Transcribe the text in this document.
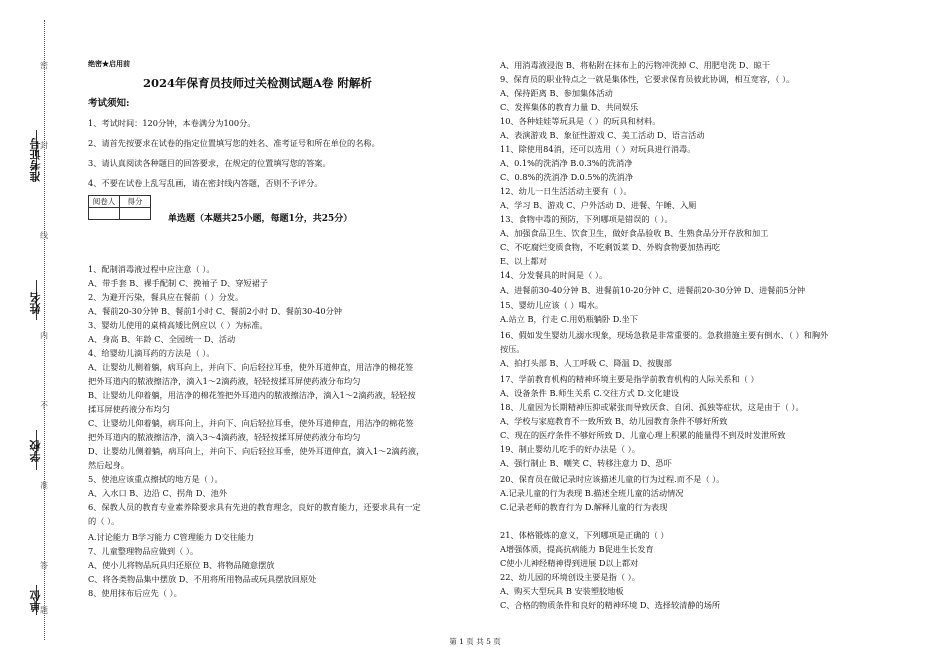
准考证号
姓名
学校
单位
密
封
线
内
不
准
答
题
绝密★启用前
2024年保育员技师过关检测试题A卷 附解析
考试须知:
1、考试时间：120分钟，本卷满分为100分。
2、请首先按要求在试卷的指定位置填写您的姓名、准考证号和所在单位的名称。
3、请认真阅读各种题目的回答要求，在规定的位置填写您的答案。
4、不要在试卷上乱写乱画，请在密封线内答题，否则不予评分。
阅卷人	得分

单选题（本题共25小题，每题1分，共25分）
1、配制消毒液过程中应注意（ ）。
A、带手套 B、裸手配制 C、挽袖子 D、穿短裙子
2、为避开污染，餐具应在餐前（ ）分发。
A、餐前20-30分钟 B、餐前1小时 C、餐前2小时 D、餐前30-40分钟
3、婴幼儿使用的桌椅高矮比例应以（ ）为标准。
A、身高 B、年龄 C、全园统一 D、活动
4、给婴幼儿滴耳药的方法是（ ）。
A、让婴幼儿侧着躺，病耳向上，并向下、向后轻拉耳垂，使外耳道伸直，用洁净的棉花签
把外耳道内的脓液擦洁净，滴入1～2滴药液，轻轻按揉耳屏使药液分布均匀
B、让婴幼儿仰着躺，用洁净的棉花签把外耳道内的脓液擦洁净，滴入1～2滴药液，轻轻按
揉耳屏使药液分布均匀
C、让婴幼儿仰着躺，病耳向上，并向下、向后轻拉耳垂，使外耳道伸直，用洁净的棉花签
把外耳道内的脓液擦洁净，滴入3～4滴药液，轻轻按揉耳屏使药液分布均匀
D、让婴幼儿侧着躺，病耳向上，并向下、向后轻拉耳垂，使外耳道伸直，滴入1～2滴药液，
然后起身。
5、使池应该重点擦拭的地方是（ ）。
A、入水口 B、边沿 C、拐角 D、池外
6、保教人员的教育专业素养除要求具有先进的教育理念，良好的教育能力，还要求具有一定
的（ ）。
A.讨论能力 B学习能力 C管理能力 D交往能力
7、儿童整理物品应做到（ ）。
A、使小儿将物品玩具归还原位 B、将物品随意摆放
C、将各类物品集中摆放 D、不用将所用物品或玩具摆放回原处
8、使用抹布后应先（ ）。
A、用消毒液浸泡 B、将粘附在抹布上的污物冲洗掉 C、用肥皂洗 D、晾干
9、保育员的职业特点之一就是集体性，它要求保育员彼此协调，相互宽容，（ ）。
A、保持距离 B、参加集体活动
C、发挥集体的教育力量 D、共同娱乐
10、各种娃娃等玩具是（ ）的玩具和材料。
A、表演游戏 B、象征性游戏 C、美工活动 D、语言活动
11、除使用84消，还可以选用（ ）对玩具进行消毒。
A、0.1%的洗消净 B.0.3%的洗消净
C、0.8%的洗消净 D.0.5%的洗消净
12、幼儿一日生活活动主要有（ ）。
A、学习 B、游戏 C、户外活动 D、进餐、午睡、入厕
13、食物中毒的预防，下列哪项是错误的（ ）。
A、加强食品卫生、饮食卫生，做好食品验收 B、生熟食品分开存放和加工
C、不吃腐烂变质食物，不吃剩饭菜 D、外购食物要加热再吃
E、以上都对
14、分发餐具的时间是（ ）。
A、进餐前30-40分钟 B、进餐前10-20分钟 C、进餐前20-30分钟 D、进餐前5分钟
15、婴幼儿应该（ ）喝水。
A.站立 B，行走 C.用奶瓶躺卧 D.坐下
16、假如发生婴幼儿溺水现象，现场急救是非常重要的。急救措施主要有倒水、（ ）和胸外
按压。
A、拍打头部 B、人工呼吸 C、降温 D、按腹部
17、学前教育机构的精神环境主要是指学前教育机构的人际关系和（ ）
A、设备条件 B.师生关系 C.交往方式 D.文化建设
18、儿童因为长期精神压抑或紧张而导致厌食、自闭、孤独等症状，这是由于（ ）。
A、学校与家庭教育不一致所致 B、幼儿园教育条件不够好所致
C、现在的医疗条件不够好所致 D、儿童心理上积累的能量得不到及时发泄所致
19、制止婴幼儿吃手的好办法是（ ）。
A、强行制止 B、嘲笑 C、转移注意力 D、恐吓
20、保育员在做记录时应该描述儿童的行为过程.而不是（ ）。
A.记录儿童的行为表现 B.描述全班儿童的活动情况
C.记录老师的教育行为 D.解释儿童的行为表现
21、体格锻炼的意义，下列哪项是正确的（ ）
A增强体质，提高抗病能力 B促进生长发育
C使小儿神经精神得到进展 D以上都对
22、幼儿园的环境创设主要是指（ ）。
A、购买大型玩具 B 安装塑胶地板
C、合格的物质条件和良好的精神环境 D、选择较清静的场所
第 1 页 共 5 页
